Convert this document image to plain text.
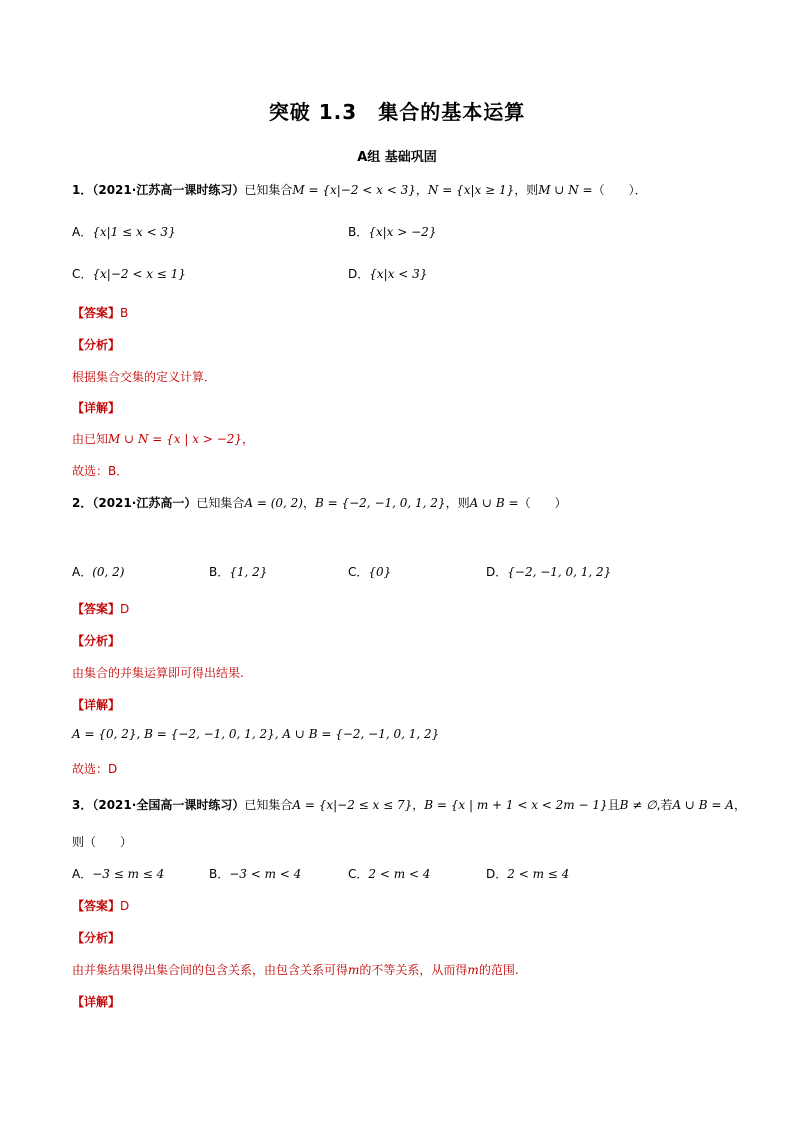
突破 1.3　集合的基本运算
A组 基础巩固
1．（2021·江苏高一课时练习）已知集合M = {x|−2 < x < 3}，N = {x|x ≥ 1}，则M ∪ N =（　　）．
A．{x|1 ≤ x < 3}	B．{x|x > −2}
C．{x|−2 < x ≤ 1}	D．{x|x < 3}
【答案】B
【分析】
根据集合交集的定义计算．
【详解】
由已知M ∪ N = {x | x > −2}，
故选：B．
2．（2021·江苏高一）已知集合A = (0, 2)，B = {−2, −1, 0, 1, 2}，则A ∪ B =（　　）
A．(0, 2)	B．{1, 2}	C．{0}	D．{−2, −1, 0, 1, 2}
【答案】D
【分析】
由集合的并集运算即可得出结果.
【详解】
A = {0, 2}, B = {−2, −1, 0, 1, 2}, A ∪ B = {−2, −1, 0, 1, 2}
故选：D
3．（2021·全国高一课时练习）已知集合A = {x|−2 ≤ x ≤ 7}，B = {x | m + 1 < x < 2m − 1}且B ≠ ∅,若A ∪ B = A，
则（　　）
A．−3 ≤ m ≤ 4	B．−3 < m < 4	C．2 < m < 4	D．2 < m ≤ 4
【答案】D
【分析】
由并集结果得出集合间的包含关系，由包含关系可得m的不等关系，从而得m的范围.
【详解】
